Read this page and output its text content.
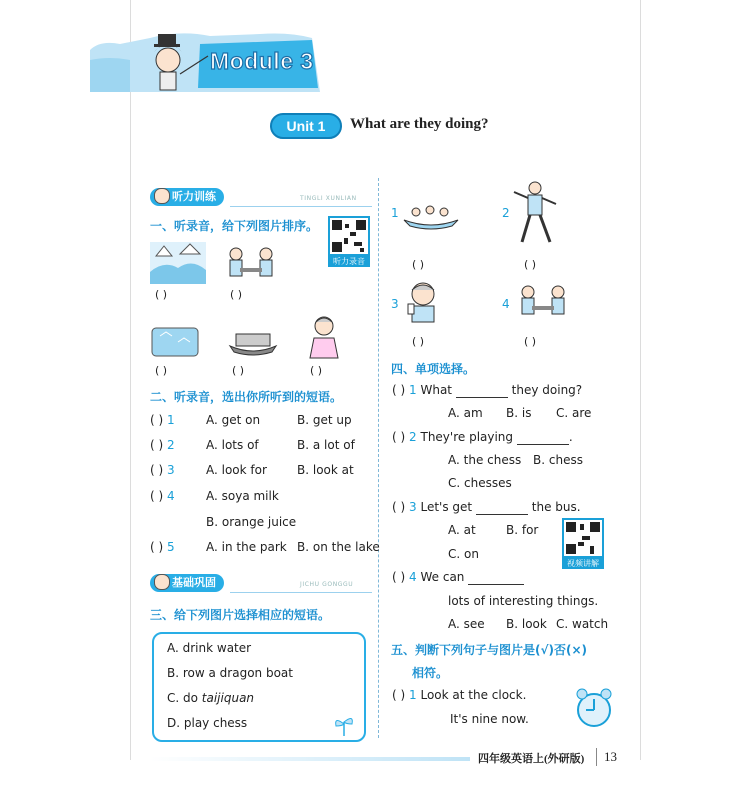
Module 3
Unit 1	What are they doing?
听力训练	TINGLI XUNLIAN
一、听录音，给下列图片排序。
听力录音
( )	( )
( )	( )	( )
二、听录音，选出你所听到的短语。
( ) 1	A. get on	B. get up
( ) 2	A. lots of	B. a lot of
( ) 3	A. look for	B. look at
( ) 4	A. soya milk
B. orange juice
( ) 5	A. in the park B. on the lake
基础巩固	JICHU GONGGU
三、给下列图片选择相应的短语。
A. drink water
B. row a dragon boat
C. do taijiquan
D. play chess
1	2
( )	( )
3	4
( )	( )
四、单项选择。
( ) 1 What	they doing?
A. am B. is C. are
( ) 2 They're playing	.
A. the chess B. chess
C. chesses
( ) 3 Let's get	the bus.
A. at	B. for
C. on
视频讲解
( ) 4 We can
lots of interesting things.
A. see B. look C. watch
五、判断下列句子与图片是(√)否(×)
相符。
( ) 1 Look at the clock.
It's nine now.
四年级英语上(外研版) 13
